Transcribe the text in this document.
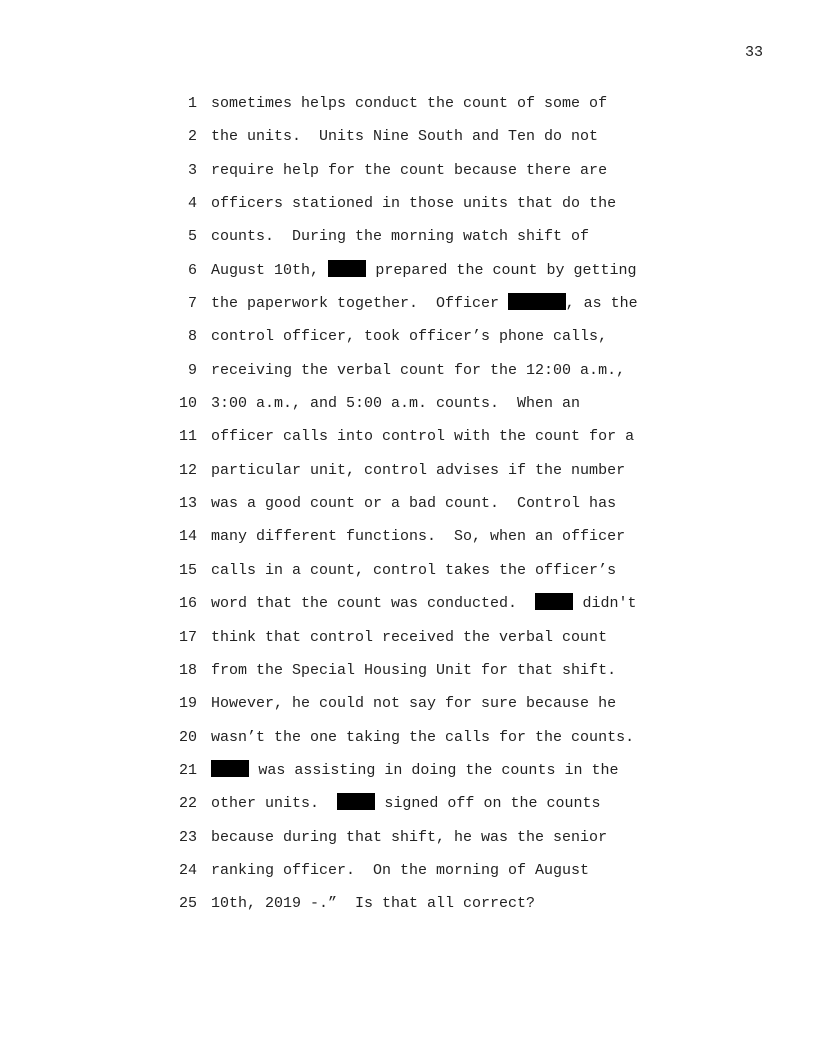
33
1 sometimes helps conduct the count of some of
2 the units.  Units Nine South and Ten do not
3 require help for the count because there are
4 officers stationed in those units that do the
5 counts.  During the morning watch shift of
6 August 10th,	prepared the count by getting
7 the paperwork together.  Officer	, as the
8 control officer, took officer’s phone calls,
9 receiving the verbal count for the 12:00 a.m.,
10 3:00 a.m., and 5:00 a.m. counts.  When an
11 officer calls into control with the count for a
12 particular unit, control advises if the number
13 was a good count or a bad count.  Control has
14 many different functions.  So, when an officer
15 calls in a count, control takes the officer’s
16 word that the count was conducted.	didn't
17 think that control received the verbal count
18 from the Special Housing Unit for that shift.
19 However, he could not say for sure because he
20 wasn’t the one taking the calls for the counts.
21	was assisting in doing the counts in the
22 other units.	signed off on the counts
23 because during that shift, he was the senior
24 ranking officer.  On the morning of August
25 10th, 2019 -.”  Is that all correct?
